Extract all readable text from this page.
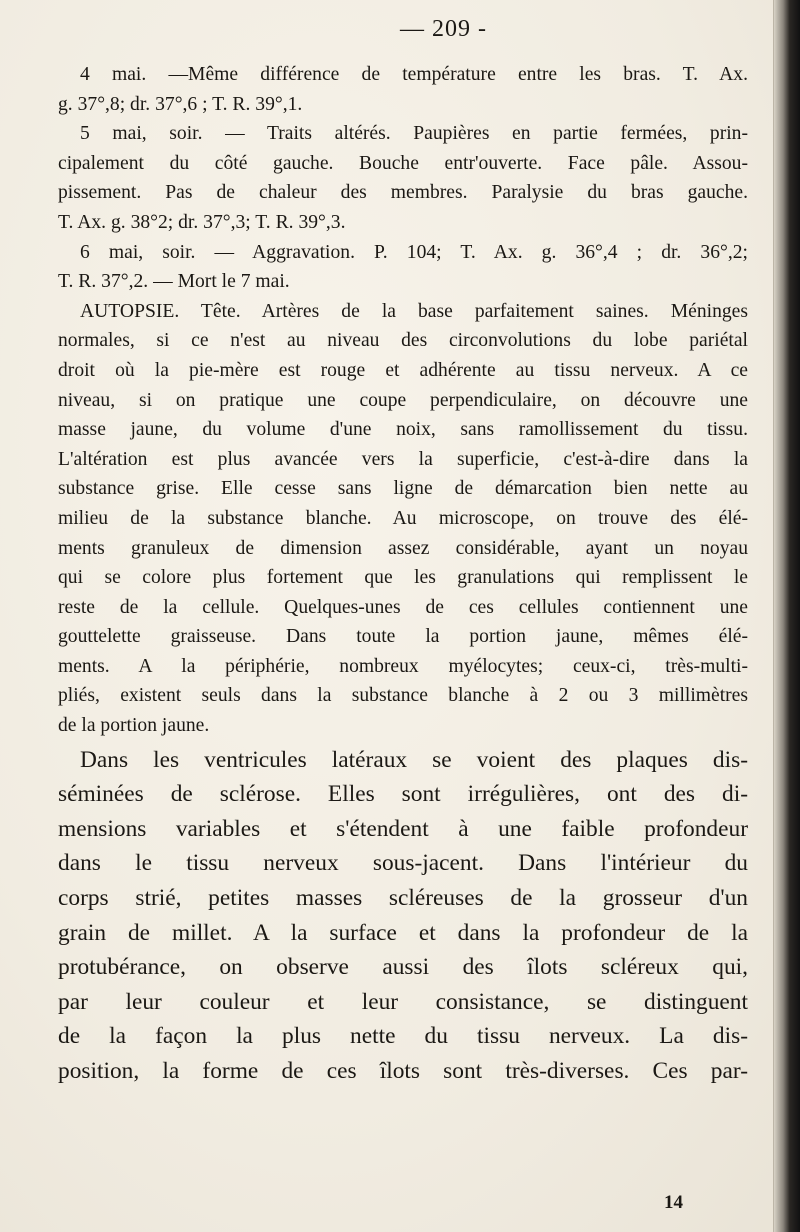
— 209 -
4 mai. —Même différence de température entre les bras. T. Ax.
g. 37°,8; dr. 37°,6 ; T. R. 39°,1.
5 mai, soir. — Traits altérés. Paupières en partie fermées, prin-
cipalement du côté gauche. Bouche entr'ouverte. Face pâle. Assou-
pissement. Pas de chaleur des membres. Paralysie du bras gauche.
T. Ax. g. 38°2; dr. 37°,3; T. R. 39°,3.
6 mai, soir. — Aggravation. P. 104; T. Ax. g. 36°,4 ; dr. 36°,2;
T. R. 37°,2. — Mort le 7 mai.
AUTOPSIE. Tête. Artères de la base parfaitement saines. Méninges
normales, si ce n'est au niveau des circonvolutions du lobe pariétal
droit où la pie-mère est rouge et adhérente au tissu nerveux. A ce
niveau, si on pratique une coupe perpendiculaire, on découvre une
masse jaune, du volume d'une noix, sans ramollissement du tissu.
L'altération est plus avancée vers la superficie, c'est-à-dire dans la
substance grise. Elle cesse sans ligne de démarcation bien nette au
milieu de la substance blanche. Au microscope, on trouve des élé-
ments granuleux de dimension assez considérable, ayant un noyau
qui se colore plus fortement que les granulations qui remplissent le
reste de la cellule. Quelques-unes de ces cellules contiennent une
gouttelette graisseuse. Dans toute la portion jaune, mêmes élé-
ments. A la périphérie, nombreux myélocytes; ceux-ci, très-multi-
pliés, existent seuls dans la substance blanche à 2 ou 3 millimètres
de la portion jaune.
Dans les ventricules latéraux se voient des plaques dis-
séminées de sclérose. Elles sont irrégulières, ont des di-
mensions variables et s'étendent à une faible profondeur
dans le tissu nerveux sous-jacent. Dans l'intérieur du
corps strié, petites masses scléreuses de la grosseur d'un
grain de millet. A la surface et dans la profondeur de la
protubérance, on observe aussi des îlots scléreux qui,
par leur couleur et leur consistance, se distinguent
de la façon la plus nette du tissu nerveux. La dis-
position, la forme de ces îlots sont très-diverses. Ces par-
14
